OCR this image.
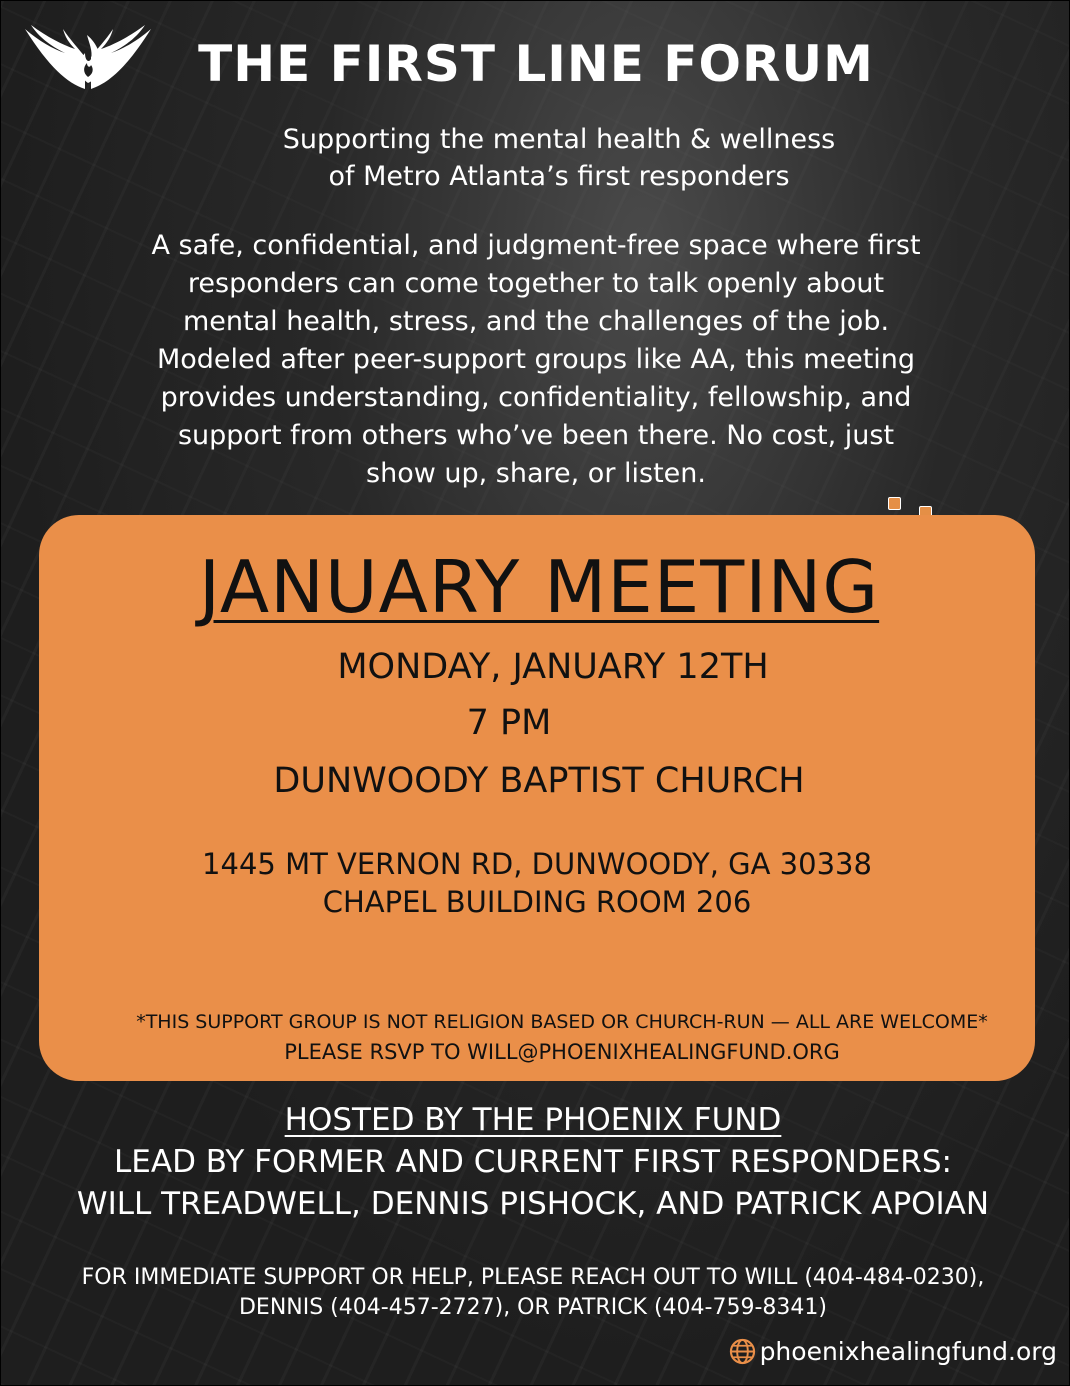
THE FIRST LINE FORUM
Supporting the mental health & wellness
of Metro Atlanta’s first responders
A safe, confidential, and judgment-free space where first
responders can come together to talk openly about
mental health, stress, and the challenges of the job.
Modeled after peer-support groups like AA, this meeting
provides understanding, confidentiality, fellowship, and
support from others who’ve been there. No cost, just
show up, share, or listen.
JANUARY MEETING
MONDAY, JANUARY 12TH
7 PM
DUNWOODY BAPTIST CHURCH
1445 MT VERNON RD, DUNWOODY, GA 30338
CHAPEL BUILDING ROOM 206
*THIS SUPPORT GROUP IS NOT RELIGION BASED OR CHURCH-RUN — ALL ARE WELCOME*
PLEASE RSVP TO WILL@PHOENIXHEALINGFUND.ORG
HOSTED BY THE PHOENIX FUND
LEAD BY FORMER AND CURRENT FIRST RESPONDERS:
WILL TREADWELL, DENNIS PISHOCK, AND PATRICK APOIAN
FOR IMMEDIATE SUPPORT OR HELP, PLEASE REACH OUT TO WILL (404-484-0230),
DENNIS (404-457-2727), OR PATRICK (404-759-8341)
phoenixhealingfund.org
